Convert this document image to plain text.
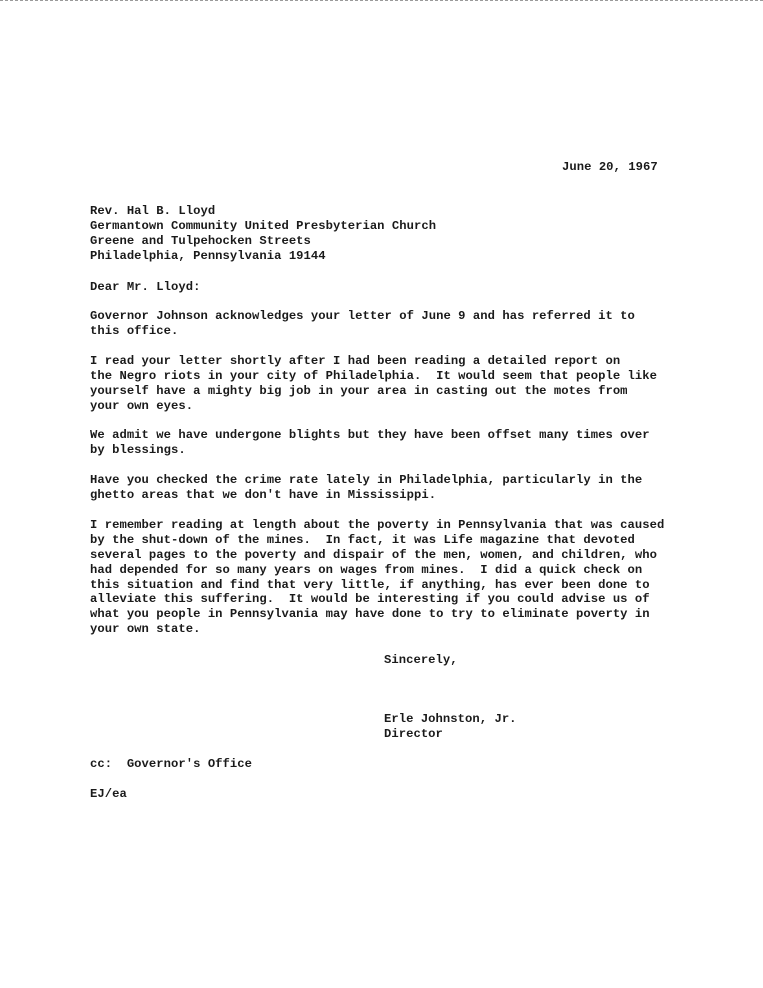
June 20, 1967

Rev. Hal B. Lloyd
Germantown Community United Presbyterian Church
Greene and Tulpehocken Streets
Philadelphia, Pennsylvania 19144

Dear Mr. Lloyd:

Governor Johnson acknowledges your letter of June 9 and has referred it to
this office.
I read your letter shortly after I had been reading a detailed report on
the Negro riots in your city of Philadelphia.  It would seem that people like
yourself have a mighty big job in your area in casting out the motes from
your own eyes.
We admit we have undergone blights but they have been offset many times over
by blessings.
Have you checked the crime rate lately in Philadelphia, particularly in the
ghetto areas that we don't have in Mississippi.
I remember reading at length about the poverty in Pennsylvania that was caused
by the shut-down of the mines.  In fact, it was Life magazine that devoted
several pages to the poverty and dispair of the men, women, and children, who
had depended for so many years on wages from mines.  I did a quick check on
this situation and find that very little, if anything, has ever been done to
alleviate this suffering.  It would be interesting if you could advise us of
what you people in Pennsylvania may have done to try to eliminate poverty in
your own state.

Sincerely,

Erle Johnston, Jr.
Director

cc:  Governor's Office

EJ/ea
